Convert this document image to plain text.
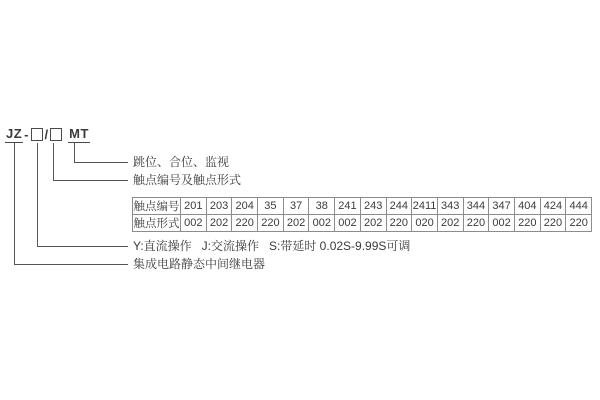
JZ - / MT
跳位、合位、监视
触点编号及触点形式
Y:直流操作   J:交流操作   S:带延时 0.02S-9.99S可调
集成电路静态中间继电器
触点编号	201	203	204	35	37	38	241	243	244	2411	343	344	347	404	424	444
触点形式	002	202	220	220	202	002	002	202	220	020	202	220	002	220	220	220
